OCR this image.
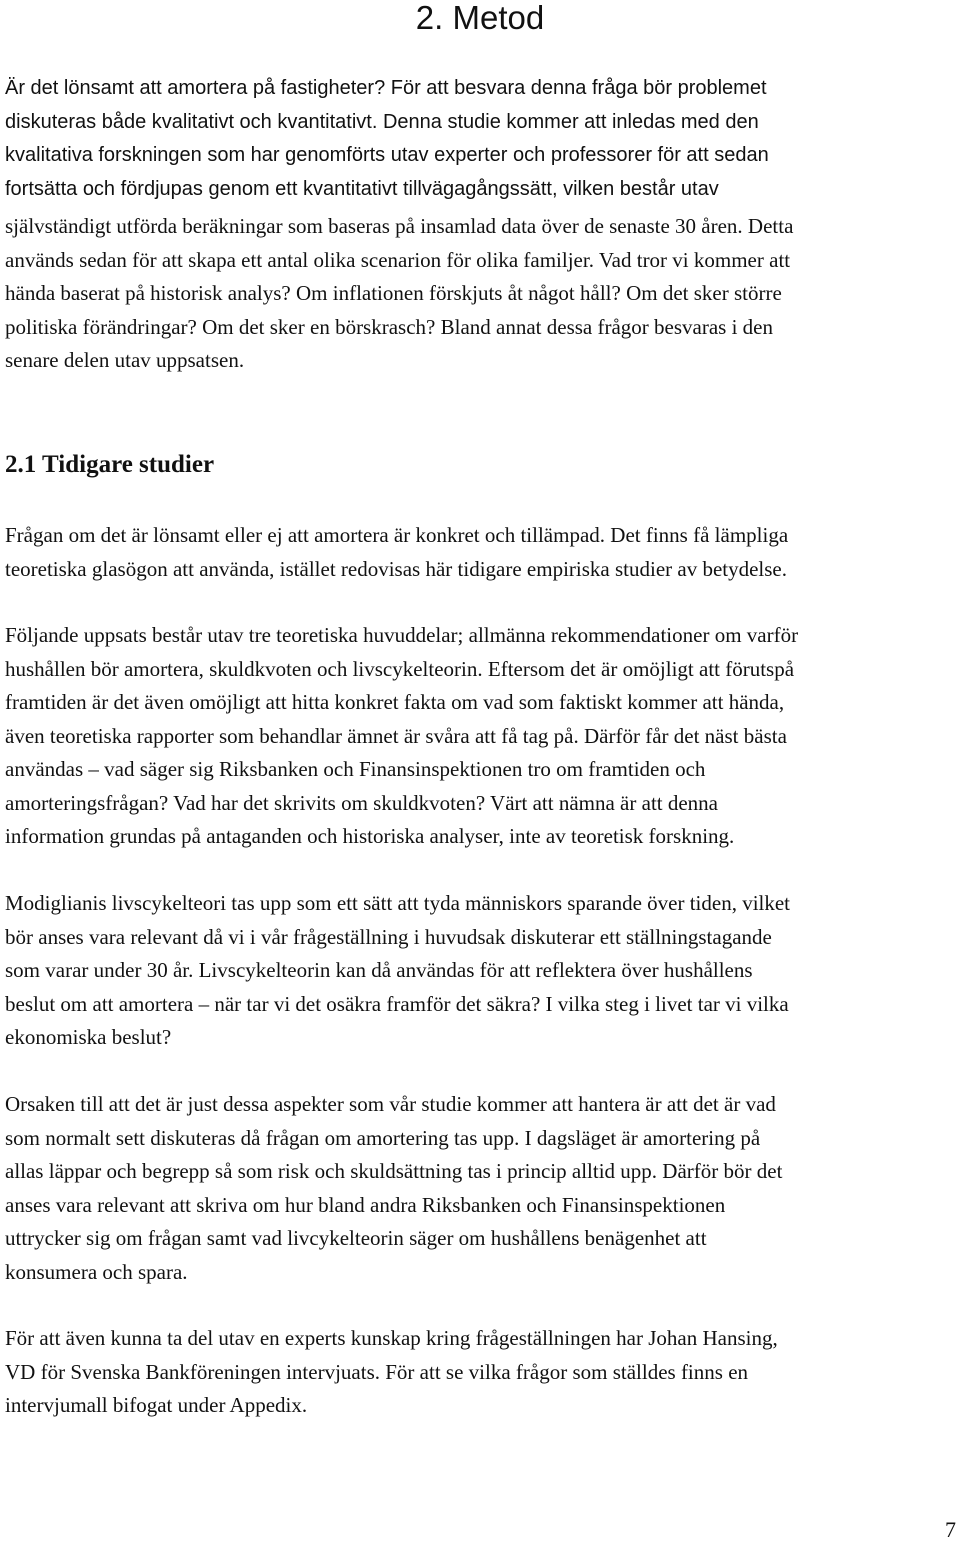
2. Metod
Är det lönsamt att amortera på fastigheter? För att besvara denna fråga bör problemet
diskuteras både kvalitativt och kvantitativt. Denna studie kommer att inledas med den
kvalitativa forskningen som har genomförts utav experter och professorer för att sedan
fortsätta och fördjupas genom ett kvantitativt tillvägagångssätt, vilken består utav
självständigt utförda beräkningar som baseras på insamlad data över de senaste 30 åren. Detta
används sedan för att skapa ett antal olika scenarion för olika familjer. Vad tror vi kommer att
hända baserat på historisk analys? Om inflationen förskjuts åt något håll? Om det sker större
politiska förändringar? Om det sker en börskrasch? Bland annat dessa frågor besvaras i den
senare delen utav uppsatsen.
2.1 Tidigare studier
Frågan om det är lönsamt eller ej att amortera är konkret och tillämpad. Det finns få lämpliga
teoretiska glasögon att använda, istället redovisas här tidigare empiriska studier av betydelse.
Följande uppsats består utav tre teoretiska huvuddelar; allmänna rekommendationer om varför
hushållen bör amortera, skuldkvoten och livscykelteorin. Eftersom det är omöjligt att förutspå
framtiden är det även omöjligt att hitta konkret fakta om vad som faktiskt kommer att hända,
även teoretiska rapporter som behandlar ämnet är svåra att få tag på. Därför får det näst bästa
användas – vad säger sig Riksbanken och Finansinspektionen tro om framtiden och
amorteringsfrågan? Vad har det skrivits om skuldkvoten? Värt att nämna är att denna
information grundas på antaganden och historiska analyser, inte av teoretisk forskning.
Modiglianis livscykelteori tas upp som ett sätt att tyda människors sparande över tiden, vilket
bör anses vara relevant då vi i vår frågeställning i huvudsak diskuterar ett ställningstagande
som varar under 30 år. Livscykelteorin kan då användas för att reflektera över hushållens
beslut om att amortera – när tar vi det osäkra framför det säkra? I vilka steg i livet tar vi vilka
ekonomiska beslut?
Orsaken till att det är just dessa aspekter som vår studie kommer att hantera är att det är vad
som normalt sett diskuteras då frågan om amortering tas upp. I dagsläget är amortering på
allas läppar och begrepp så som risk och skuldsättning tas i princip alltid upp. Därför bör det
anses vara relevant att skriva om hur bland andra Riksbanken och Finansinspektionen
uttrycker sig om frågan samt vad livcykelteorin säger om hushållens benägenhet att
konsumera och spara.
För att även kunna ta del utav en experts kunskap kring frågeställningen har Johan Hansing,
VD för Svenska Bankföreningen intervjuats. För att se vilka frågor som ställdes finns en
intervjumall bifogat under Appedix.
7
